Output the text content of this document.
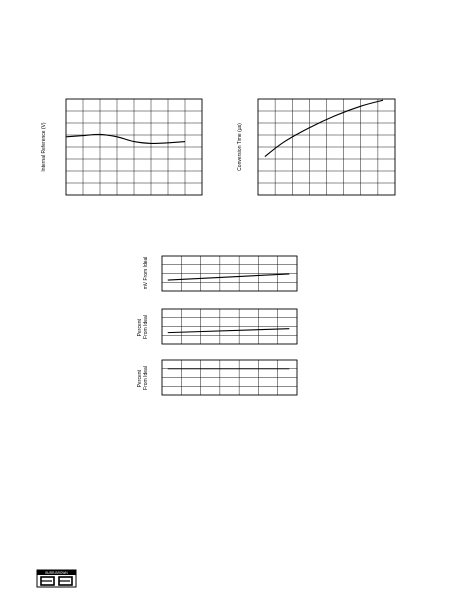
Internal Reference (V)	Conversion Time (µs)
mV From Ideal
Percent From Ideal
Percent From Ideal
BURR-BROWN
